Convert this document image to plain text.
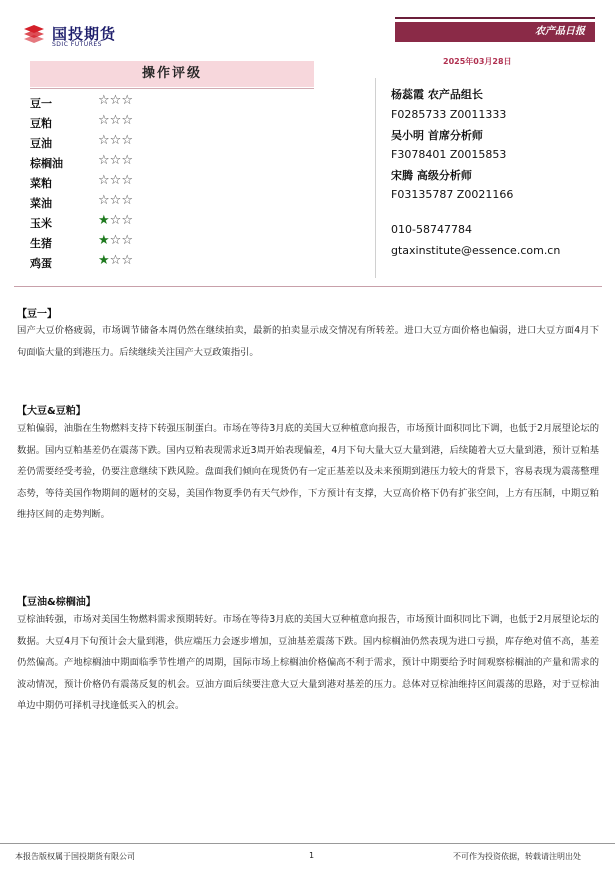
国投期货
SDIC FUTURES
农产品日报
2025年03月28日
操作评级
豆一	☆☆☆
豆粕	☆☆☆
豆油	☆☆☆
棕榈油	☆☆☆
菜粕	☆☆☆
菜油	☆☆☆
玉米	★☆☆
生猪	★☆☆
鸡蛋	★☆☆
杨蕊霞 农产品组长
F0285733 Z0011333
吴小明 首席分析师
F3078401 Z0015853
宋腾 高级分析师
F03135787 Z0021166
010-58747784
gtaxinstitute@essence.com.cn
【豆一】
国产大豆价格疲弱，市场调节储备本周仍然在继续拍卖，最新的拍卖显示成交情况有所转差。进口大豆方面价格也偏弱，进口大豆方面4月下旬面临大量的到港压力。后续继续关注国产大豆政策指引。
【大豆&豆粕】
豆粕偏弱，油脂在生物燃料支持下转强压制蛋白。市场在等待3月底的美国大豆种植意向报告，市场预计面积同比下调，也低于2月展望论坛的数据。国内豆粕基差仍在震荡下跌。国内豆粕表现需求近3周开始表现偏差，4月下旬大量大豆大量到港，后续随着大豆大量到港，预计豆粕基差仍需要经受考验，仍要注意继续下跌风险。盘面我们倾向在现货仍有一定正基差以及未来预期到港压力较大的背景下，容易表现为震荡整理态势，等待美国作物期间的题材的交易，美国作物夏季仍有天气炒作，下方预计有支撑，大豆高价格下仍有扩张空间，上方有压制，中期豆粕维持区间的走势判断。
【豆油&棕榈油】
豆棕油转强，市场对美国生物燃料需求预期转好。市场在等待3月底的美国大豆种植意向报告，市场预计面积同比下调，也低于2月展望论坛的数据。大豆4月下旬预计会大量到港，供应端压力会逐步增加，豆油基差震荡下跌。国内棕榈油仍然表现为进口亏损，库存绝对值不高，基差仍然偏高。产地棕榈油中期面临季节性增产的周期，国际市场上棕榈油价格偏高不利于需求，预计中期要给予时间观察棕榈油的产量和需求的波动情况，预计价格仍有震荡反复的机会。豆油方面后续要注意大豆大量到港对基差的压力。总体对豆棕油维持区间震荡的思路，对于豆棕油单边中期仍可择机寻找逢低买入的机会。
本报告版权属于国投期货有限公司	1	不可作为投资依据，转载请注明出处
